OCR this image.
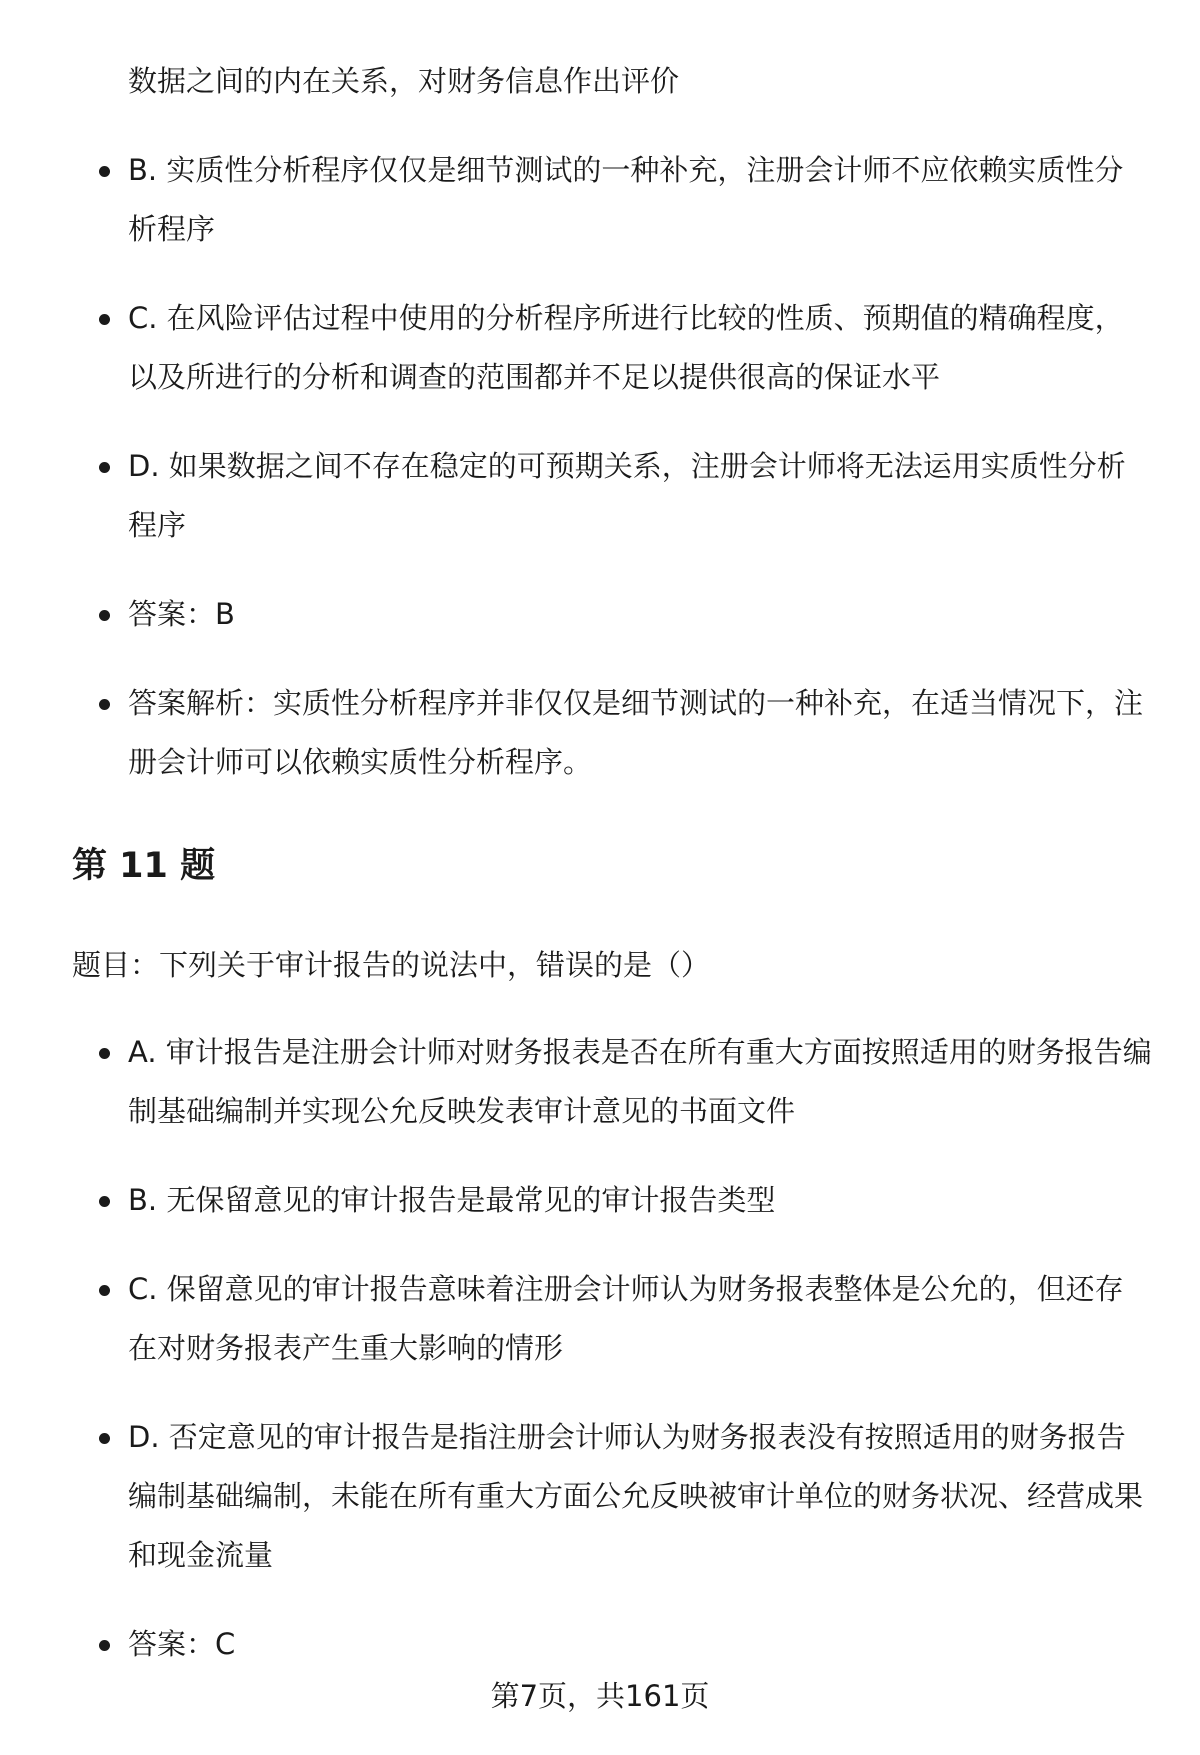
数据之间的内在关系，对财务信息作出评价

B. 实质性分析程序仅仅是细节测试的一种补充，注册会计师不应依赖实质性分析程序
C. 在风险评估过程中使用的分析程序所进行比较的性质、预期值的精确程度，以及所进行的分析和调查的范围都并不足以提供很高的保证水平
D. 如果数据之间不存在稳定的可预期关系，注册会计师将无法运用实质性分析程序
答案：B
答案解析：实质性分析程序并非仅仅是细节测试的一种补充，在适当情况下，注册会计师可以依赖实质性分析程序。
第 11 题

题目：下列关于审计报告的说法中，错误的是（）

A. 审计报告是注册会计师对财务报表是否在所有重大方面按照适用的财务报告编制基础编制并实现公允反映发表审计意见的书面文件
B. 无保留意见的审计报告是最常见的审计报告类型
C. 保留意见的审计报告意味着注册会计师认为财务报表整体是公允的，但还存在对财务报表产生重大影响的情形
D. 否定意见的审计报告是指注册会计师认为财务报表没有按照适用的财务报告编制基础编制，未能在所有重大方面公允反映被审计单位的财务状况、经营成果和现金流量
答案：C
第7页，共161页
